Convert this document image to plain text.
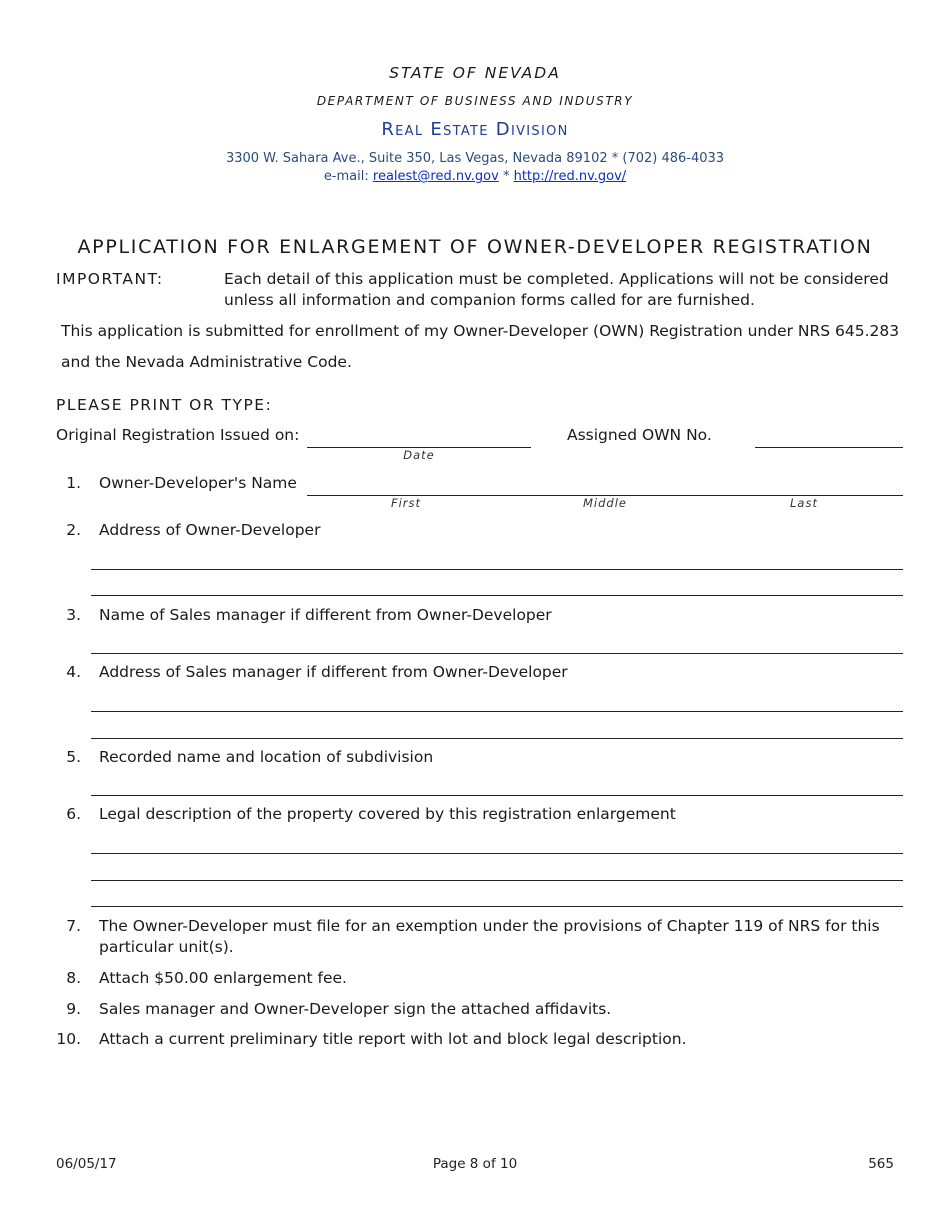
STATE OF NEVADA
DEPARTMENT OF BUSINESS AND INDUSTRY
Real Estate Division
3300 W. Sahara Ave., Suite 350, Las Vegas, Nevada 89102 * (702) 486-4033
e-mail: realest@red.nv.gov * http://red.nv.gov/
APPLICATION FOR ENLARGEMENT OF OWNER-DEVELOPER REGISTRATION
IMPORTANT:	Each detail of this application must be completed. Applications will not be considered
unless all information and companion forms called for are furnished.
This application is submitted for enrollment of my Owner-Developer (OWN) Registration under NRS 645.283
and the Nevada Administrative Code.
PLEASE PRINT OR TYPE:
Original Registration Issued on:
Date
Assigned OWN No.
1. Owner-Developer's Name
First	Middle	Last
2. Address of Owner-Developer
3. Name of Sales manager if different from Owner-Developer
4. Address of Sales manager if different from Owner-Developer
5. Recorded name and location of subdivision
6. Legal description of the property covered by this registration enlargement
7. The Owner-Developer must file for an exemption under the provisions of Chapter 119 of NRS for this
particular unit(s).
8. Attach $50.00 enlargement fee.
9. Sales manager and Owner-Developer sign the attached affidavits.
10. Attach a current preliminary title report with lot and block legal description.
06/05/17	Page 8 of 10	565
